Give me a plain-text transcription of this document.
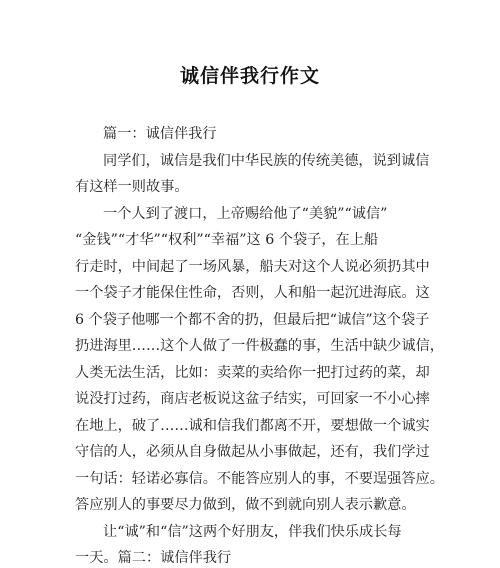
诚信伴我行作文
篇一：诚信伴我行
同学们，诚信是我们中华民族的传统美德，说到诚信
有这样一则故事。
一个人到了渡口，上帝赐给他了“美貌”“诚信”
“金钱”“才华”“权利”“幸福”这 6 个袋子，在上船
行走时，中间起了一场风暴，船夫对这个人说必须扔其中
一个袋子才能保住性命，否则，人和船一起沉进海底。这
6 个袋子他哪一个都不舍的扔，但最后把“诚信”这个袋子
扔进海里……这个人做了一件极蠢的事，生活中缺少诚信，
人类无法生活，比如：卖菜的卖给你一把打过药的菜，却
说没打过药，商店老板说这盆子结实，可回家一不小心摔
在地上，破了……诚和信我们都离不开，要想做一个诚实
守信的人，必须从自身做起从小事做起，还有，我们学过
一句话：轻诺必寡信。不能答应别人的事，不要逞强答应。
答应别人的事要尽力做到，做不到就向别人表示歉意。
让“诚”和“信”这两个好朋友，伴我们快乐成长每
一天。篇二：诚信伴我行
